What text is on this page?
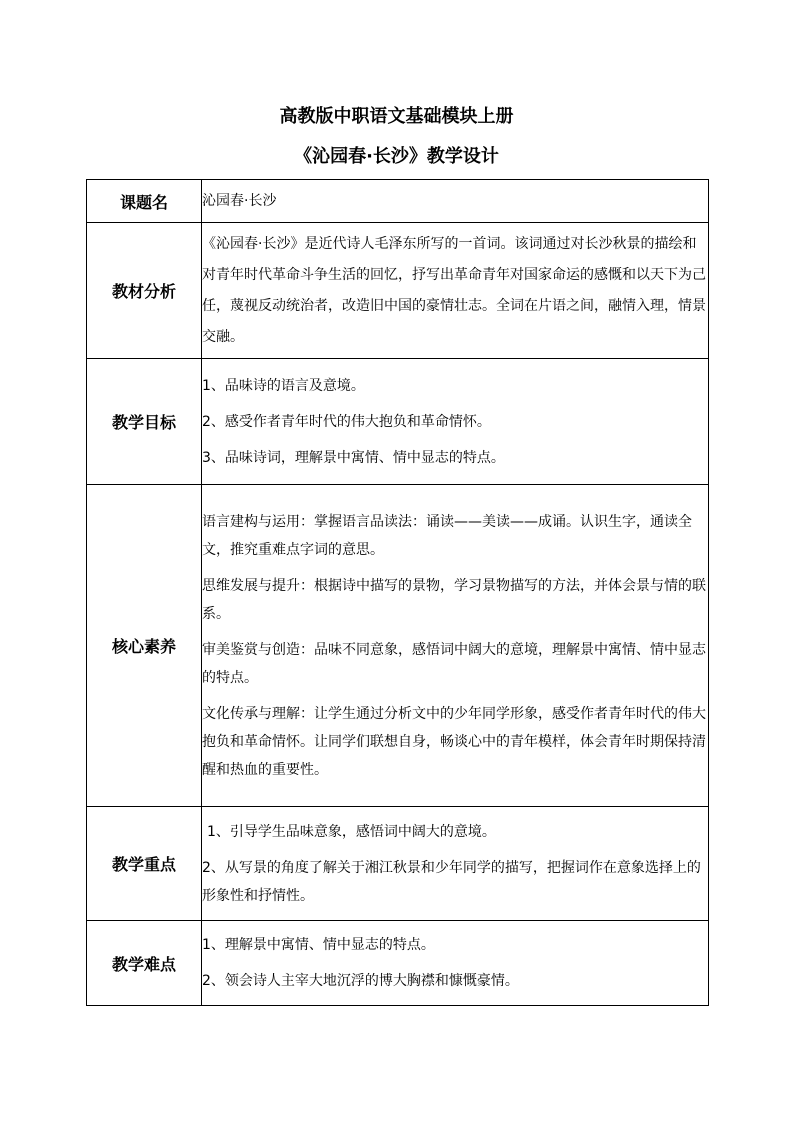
高教版中职语文基础模块上册
《沁园春·长沙》教学设计
课题名	沁园春·长沙

教材分析	《沁园春·长沙》是近代诗人毛泽东所写的一首词。该词通过对长沙秋景的描绘和对青年时代革命斗争生活的回忆，抒写出革命青年对国家命运的感慨和以天下为己任，蔑视反动统治者，改造旧中国的豪情壮志。全词在片语之间，融情入理，情景交融。

教学目标	1、品味诗的语言及意境。

2、感受作者青年时代的伟大抱负和革命情怀。

3、品味诗词，理解景中寓情、情中显志的特点。

核心素养	语言建构与运用：掌握语言品读法：诵读——美读——成诵。认识生字，通读全文，推究重难点字词的意思。

思维发展与提升：根据诗中描写的景物，学习景物描写的方法，并体会景与情的联系。

审美鉴赏与创造：品味不同意象，感悟词中阔大的意境，理解景中寓情、情中显志的特点。

文化传承与理解：让学生通过分析文中的少年同学形象，感受作者青年时代的伟大抱负和革命情怀。让同学们联想自身，畅谈心中的青年模样，体会青年时期保持清醒和热血的重要性。

教学重点	1、引导学生品味意象，感悟词中阔大的意境。

2、从写景的角度了解关于湘江秋景和少年同学的描写，把握词作在意象选择上的形象性和抒情性。

教学难点	1、理解景中寓情、情中显志的特点。

2、领会诗人主宰大地沉浮的博大胸襟和慷慨豪情。
